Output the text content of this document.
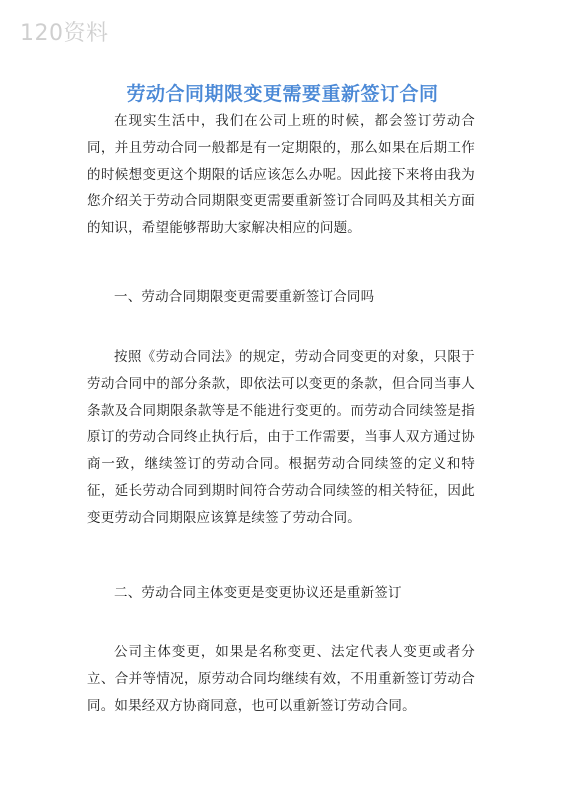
120资料
劳动合同期限变更需要重新签订合同
在现实生活中，我们在公司上班的时候，都会签订劳动合同，并且劳动合同一般都是有一定期限的，那么如果在后期工作的时候想变更这个期限的话应该怎么办呢。因此接下来将由我为您介绍关于劳动合同期限变更需要重新签订合同吗及其相关方面的知识，希望能够帮助大家解决相应的问题。
一、劳动合同期限变更需要重新签订合同吗
按照《劳动合同法》的规定，劳动合同变更的对象，只限于劳动合同中的部分条款，即依法可以变更的条款，但合同当事人条款及合同期限条款等是不能进行变更的。而劳动合同续签是指原订的劳动合同终止执行后，由于工作需要，当事人双方通过协商一致，继续签订的劳动合同。根据劳动合同续签的定义和特征，延长劳动合同到期时间符合劳动合同续签的相关特征，因此变更劳动合同期限应该算是续签了劳动合同。
二、劳动合同主体变更是变更协议还是重新签订
公司主体变更，如果是名称变更、法定代表人变更或者分立、合并等情况，原劳动合同均继续有效，不用重新签订劳动合同。如果经双方协商同意，也可以重新签订劳动合同。
